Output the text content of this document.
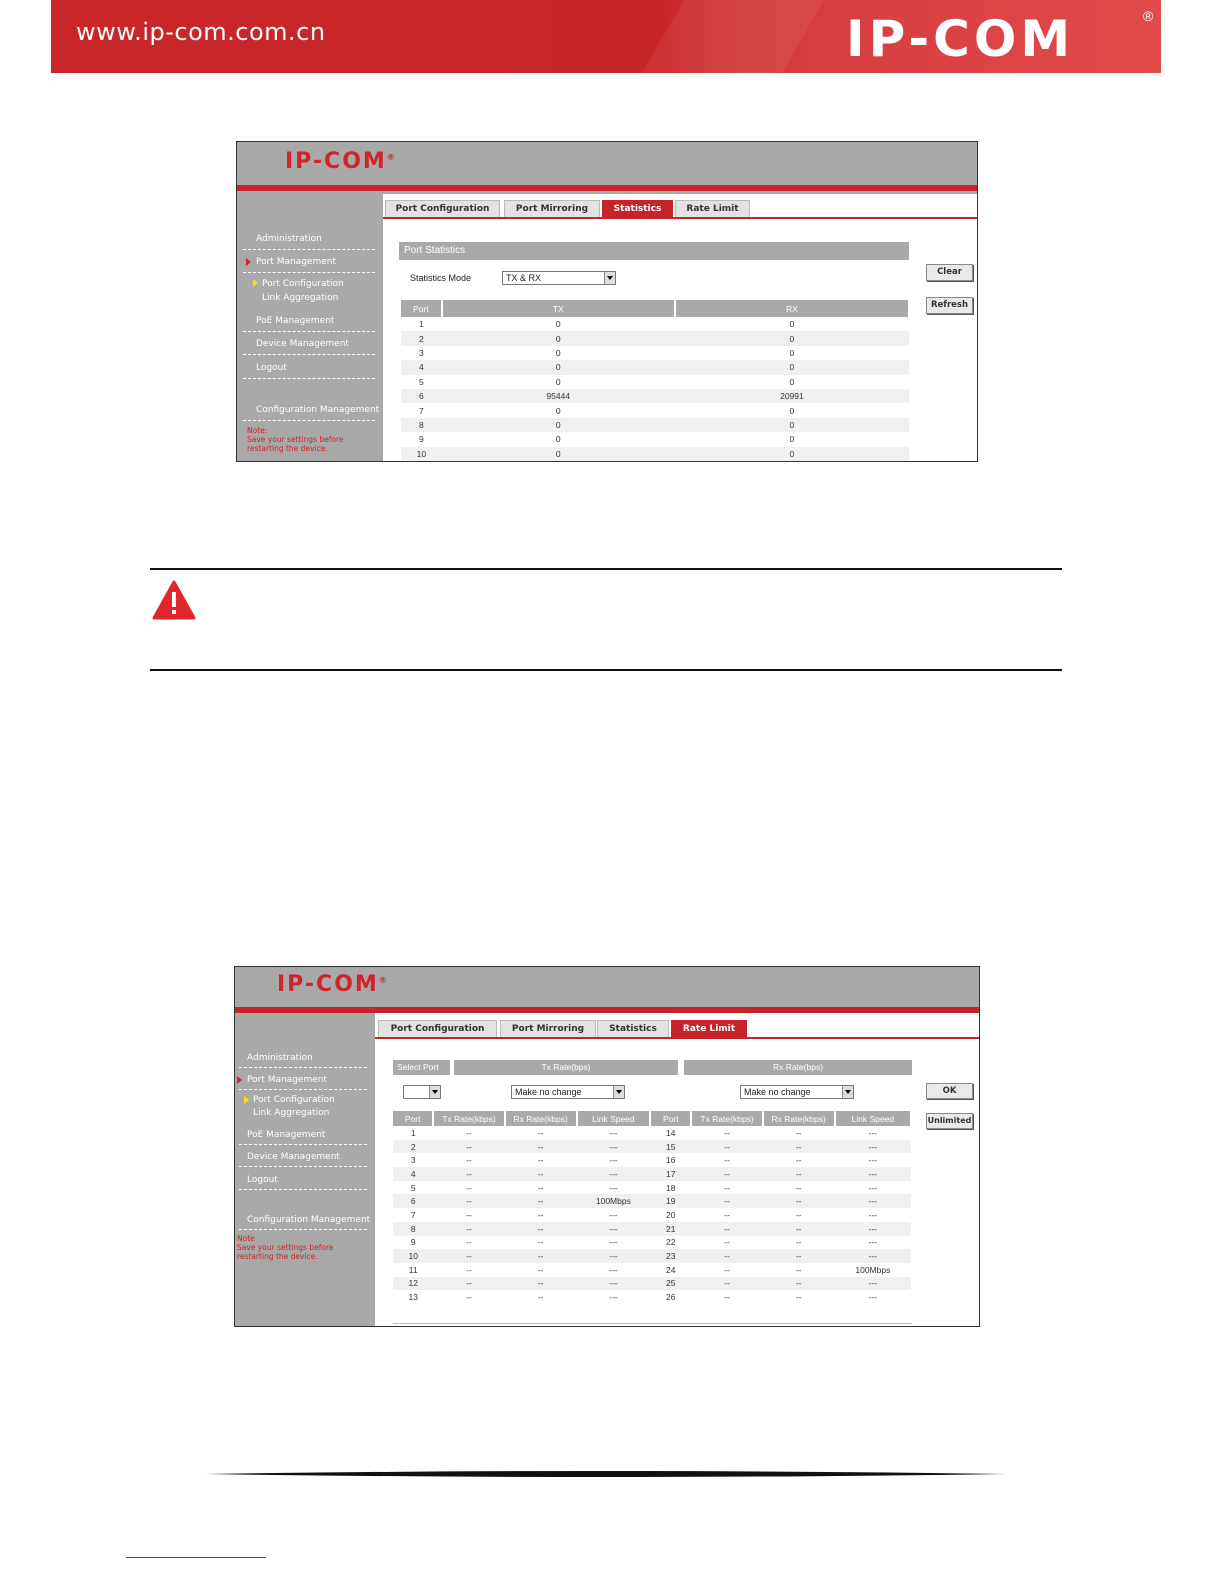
www.ip-com.com.cn	IP-COM	®
IP-COM®
Administration
Port Management
Port Configuration
Link Aggregation
PoE Management
Device Management
Logout
Configuration Management
Note:
Save your settings before restarting the device.
Port Configuration	Port Mirroring	Statistics	Rate Limit
Port Statistics
Statistics Mode	TX & RX
Clear
Refresh
Port	TX	RX
1	0	0
2	0	0
3	0	0
4	0	0
5	0	0
6	95444	20991
7	0	0
8	0	0
9	0	0
10	0	0
IP-COM®
Administration
Port Management
Port Configuration
Link Aggregation
PoE Management
Device Management
Logout
Configuration Management
Note
Save your settings before restarting the device.
Port Configuration	Port Mirroring	Statistics	Rate Limit
Select Port	Tx Rate(bps)	Rx Rate(bps)
Make no change	Make no change	OK
Unlimited
Port	Tx Rate(kbps)	Rx Rate(kbps)	Link Speed	Port	Tx Rate(kbps)	Rx Rate(kbps)	Link Speed
1	--	--	---	14	--	--	---
2	--	--	---	15	--	--	---
3	--	--	---	16	--	--	---
4	--	--	---	17	--	--	---
5	--	--	---	18	--	--	---
6	--	--	100Mbps	19	--	--	---
7	--	--	---	20	--	--	---
8	--	--	---	21	--	--	---
9	--	--	---	22	--	--	---
10	--	--	---	23	--	--	---
11	--	--	---	24	--	--	100Mbps
12	--	--	---	25	--	--	---
13	--	--	---	26	--	--	---
